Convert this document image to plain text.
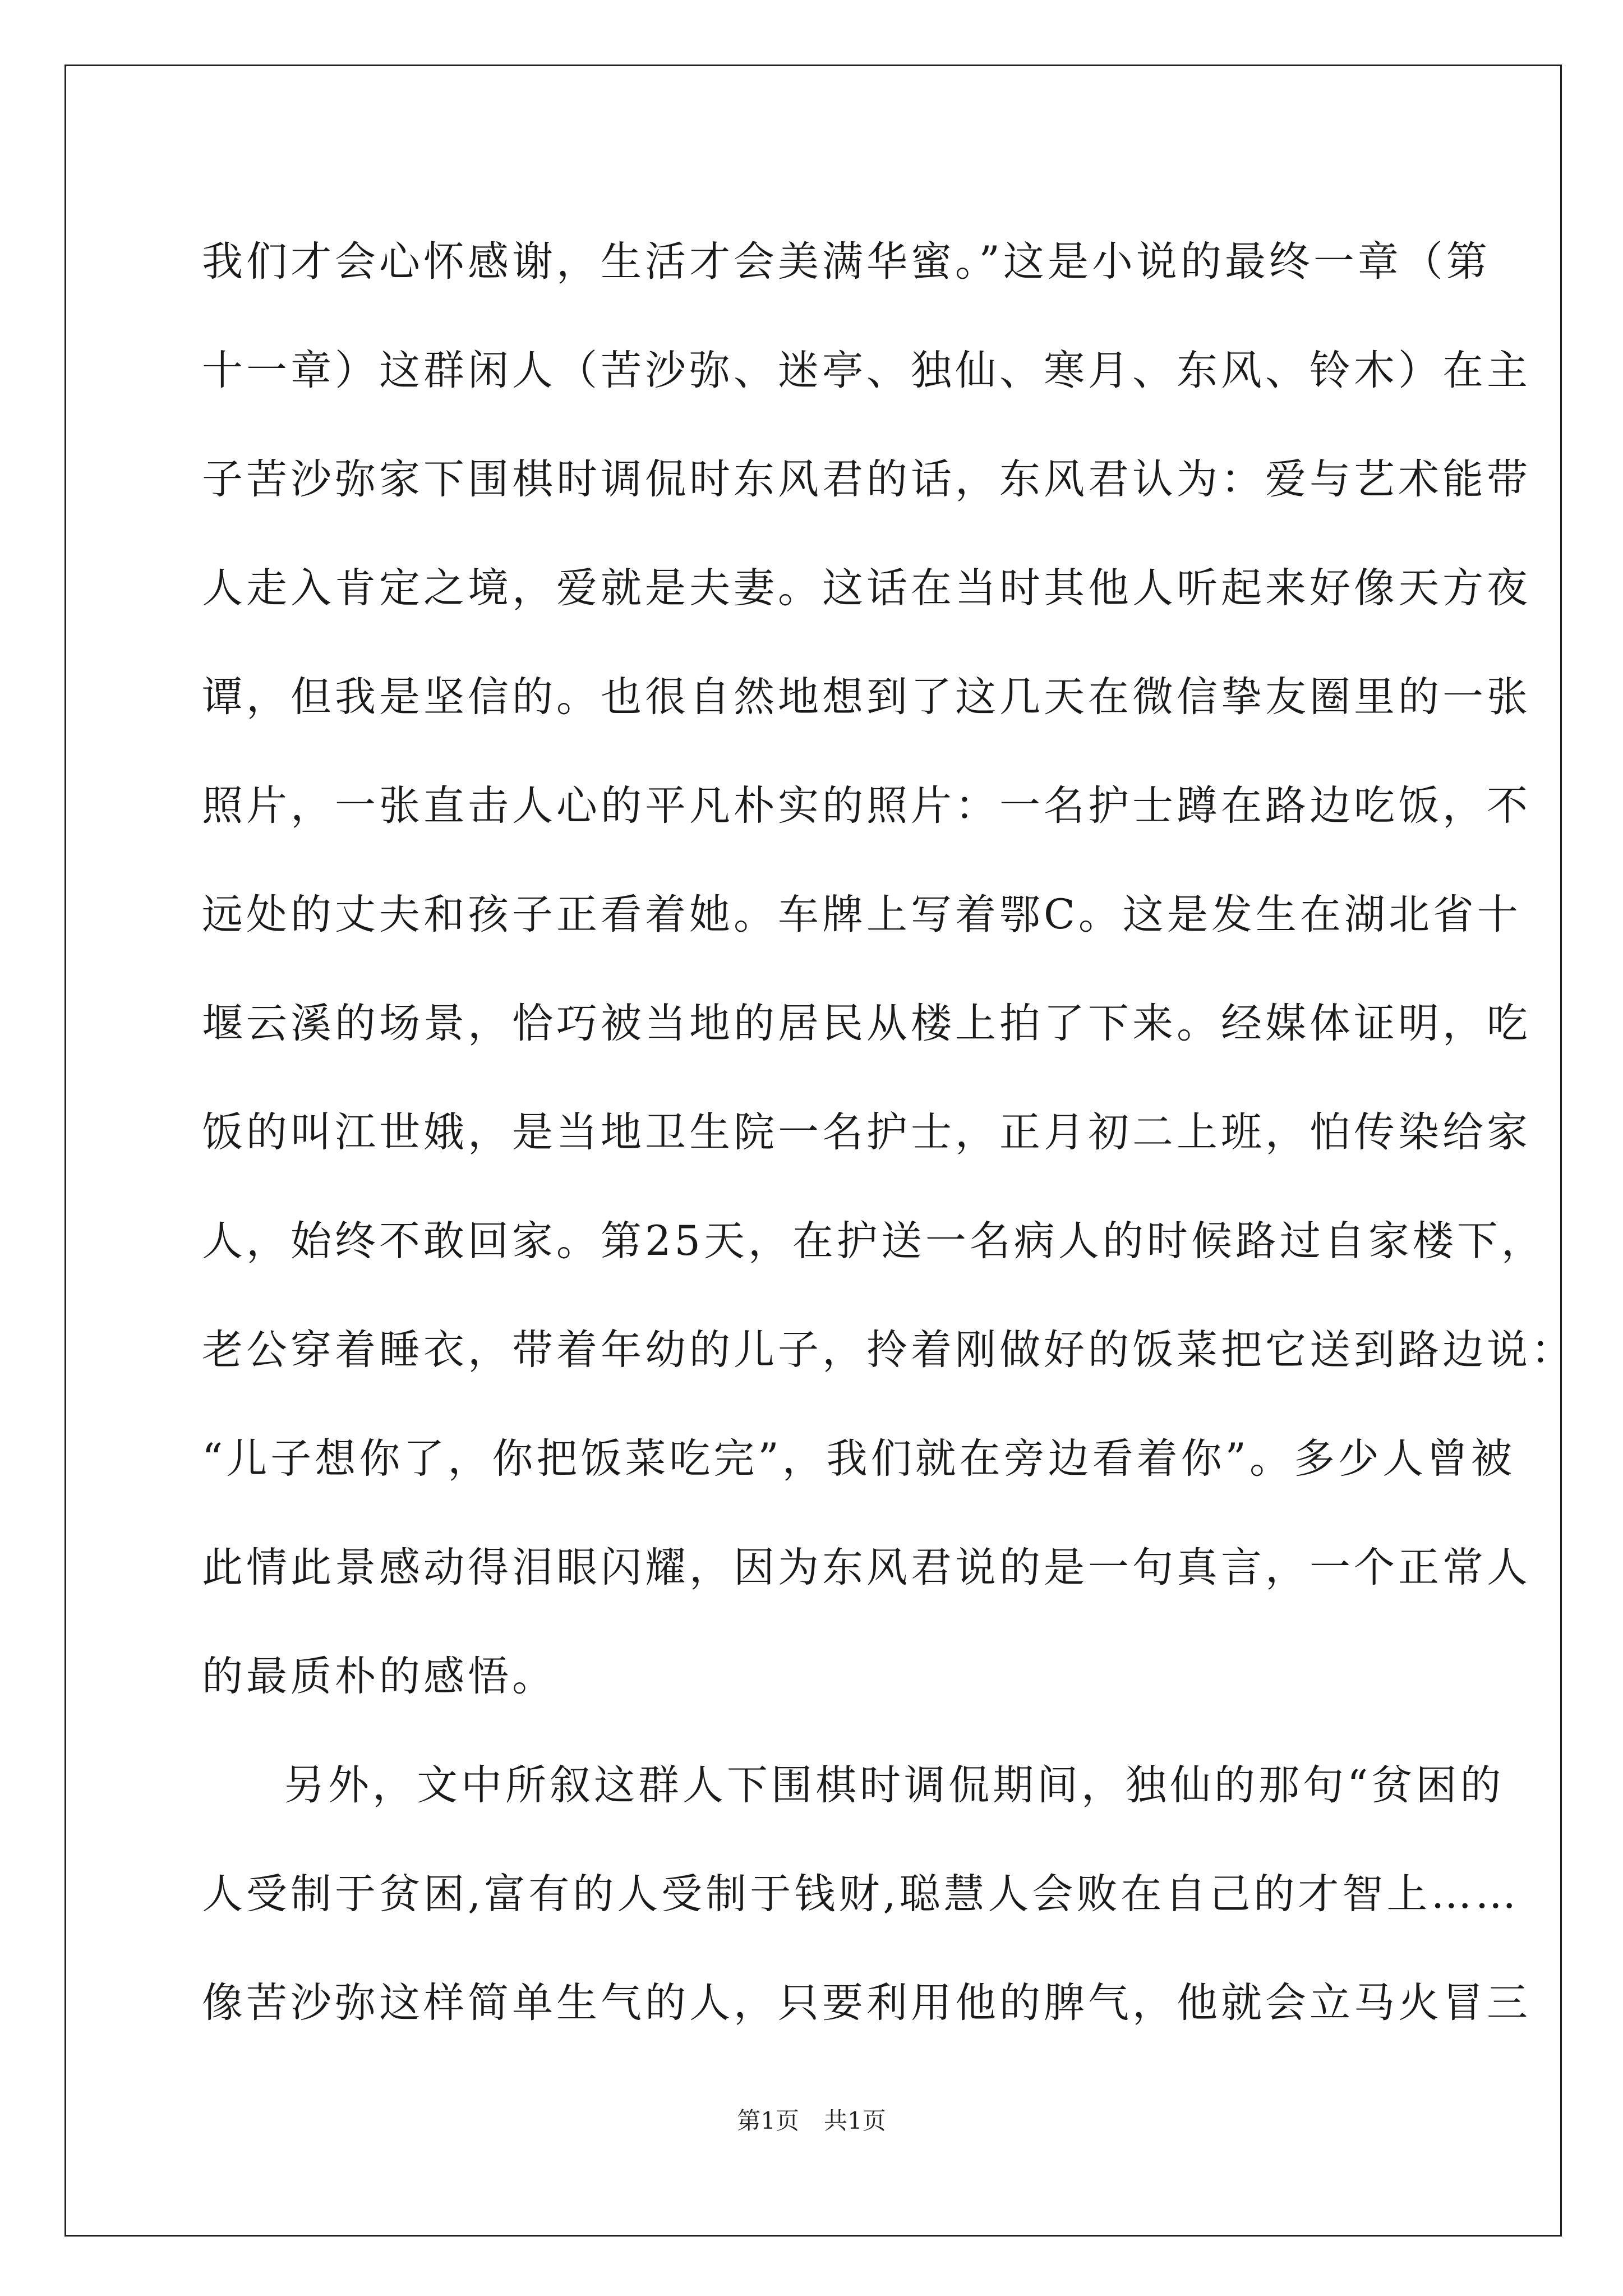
我们才会心怀感谢，生活才会美满华蜜。”这是小说的最终一章（第
十一章）这群闲人（苦沙弥、迷亭、独仙、寒月、东风、铃木）在主
子苦沙弥家下围棋时调侃时东风君的话，东风君认为：爱与艺术能带
人走入肯定之境，爱就是夫妻。这话在当时其他人听起来好像天方夜
谭，但我是坚信的。也很自然地想到了这几天在微信挚友圈里的一张
照片，一张直击人心的平凡朴实的照片：一名护士蹲在路边吃饭，不
远处的丈夫和孩子正看着她。车牌上写着鄂C。这是发生在湖北省十
堰云溪的场景，恰巧被当地的居民从楼上拍了下来。经媒体证明，吃
饭的叫江世娥，是当地卫生院一名护士，正月初二上班，怕传染给家
人，始终不敢回家。第25天，在护送一名病人的时候路过自家楼下，
老公穿着睡衣，带着年幼的儿子，拎着刚做好的饭菜把它送到路边说：
“儿子想你了，你把饭菜吃完”，我们就在旁边看着你”。多少人曾被
此情此景感动得泪眼闪耀，因为东风君说的是一句真言，一个正常人
的最质朴的感悟。
另外，文中所叙这群人下围棋时调侃期间，独仙的那句“贫困的
人受制于贫困,富有的人受制于钱财,聪慧人会败在自己的才智上……
像苦沙弥这样简单生气的人，只要利用他的脾气，他就会立马火冒三
第1页 共1页
